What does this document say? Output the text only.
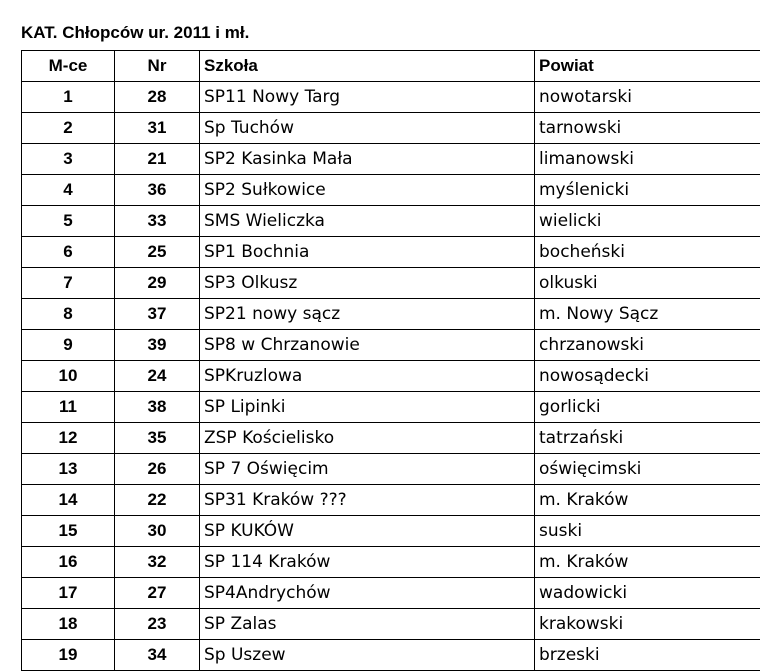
KAT. Chłopców ur. 2011 i mł.
M-ce	Nr	Szkoła	Powiat
1	28	SP11 Nowy Targ	nowotarski
2	31	Sp Tuchów	tarnowski
3	21	SP2 Kasinka Mała	limanowski
4	36	SP2 Sułkowice	myślenicki
5	33	SMS Wieliczka	wielicki
6	25	SP1 Bochnia	bocheński
7	29	SP3 Olkusz	olkuski
8	37	SP21 nowy sącz	m. Nowy Sącz
9	39	SP8 w Chrzanowie	chrzanowski
10	24	SPKruzlowa	nowosądecki
11	38	SP Lipinki	gorlicki
12	35	ZSP Kościelisko	tatrzański
13	26	SP 7 Oświęcim	oświęcimski
14	22	SP31 Kraków ???	m. Kraków
15	30	SP KUKÓW	suski
16	32	SP 114 Kraków	m. Kraków
17	27	SP4Andrychów	wadowicki
18	23	SP Zalas	krakowski
19	34	Sp Uszew	brzeski
